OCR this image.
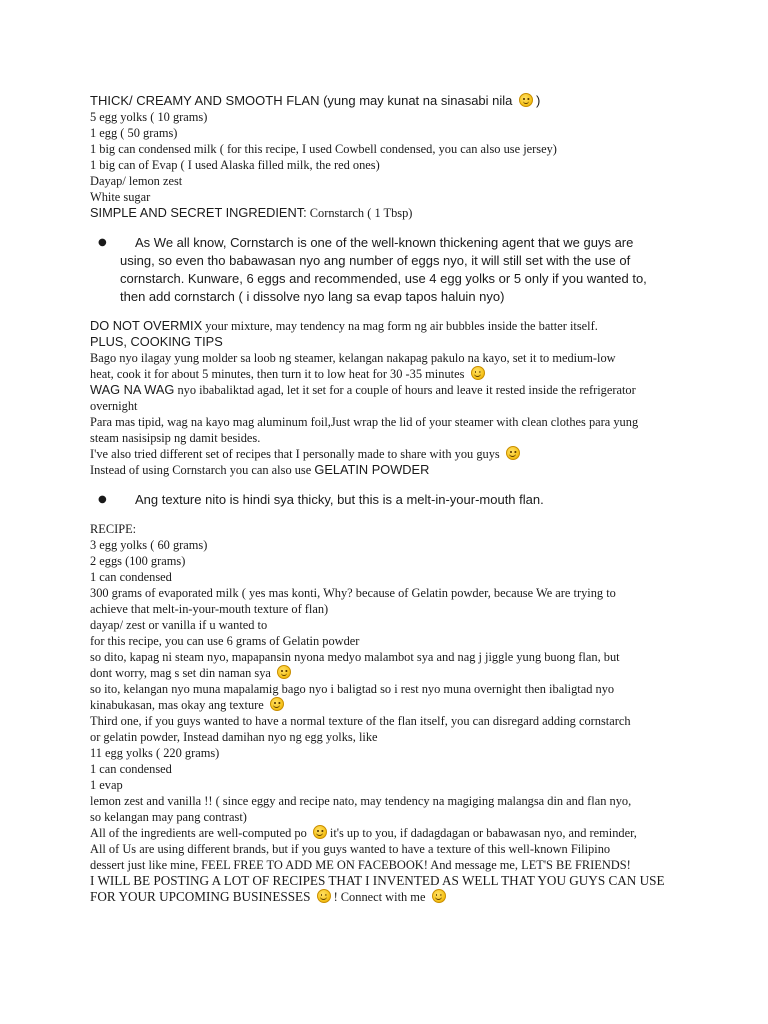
THICK/ CREAMY AND SMOOTH FLAN (yung may kunat na sinasabi nila )
5 egg yolks ( 10 grams)
1 egg ( 50 grams)
1 big can condensed milk ( for this recipe, I used Cowbell condensed, you can also use jersey)
1 big can of Evap ( I used Alaska filled milk, the red ones)
Dayap/ lemon zest
White sugar
SIMPLE AND SECRET INGREDIENT: Cornstarch ( 1 Tbsp)
●	As We all know, Cornstarch is one of the well-known thickening agent that we guys are
using, so even tho babawasan nyo ang number of eggs nyo, it will still set with the use of
cornstarch. Kunware, 6 eggs and recommended, use 4 egg yolks or 5 only if you wanted to,
then add cornstarch ( i dissolve nyo lang sa evap tapos haluin nyo)
DO NOT OVERMIX your mixture, may tendency na mag form ng air bubbles inside the batter itself.
PLUS, COOKING TIPS
Bago nyo ilagay yung molder sa loob ng steamer, kelangan nakapag pakulo na kayo, set it to medium-low
heat, cook it for about 5 minutes, then turn it to low heat for 30 -35 minutes
WAG NA WAG nyo ibabaliktad agad, let it set for a couple of hours and leave it rested inside the refrigerator
overnight
Para mas tipid, wag na kayo mag aluminum foil,Just wrap the lid of your steamer with clean clothes para yung
steam nasisipsip ng damit besides.
I've also tried different set of recipes that I personally made to share with you guys
Instead of using Cornstarch you can also use GELATIN POWDER
●	Ang texture nito is hindi sya thicky, but this is a melt-in-your-mouth flan.
RECIPE:
3 egg yolks ( 60 grams)
2 eggs (100 grams)
1 can condensed
300 grams of evaporated milk ( yes mas konti, Why? because of Gelatin powder, because We are trying to
achieve that melt-in-your-mouth texture of flan)
dayap/ zest or vanilla if u wanted to
for this recipe, you can use 6 grams of Gelatin powder
so dito, kapag ni steam nyo, mapapansin nyona medyo malambot sya and nag j jiggle yung buong flan, but
dont worry, mag s set din naman sya
so ito, kelangan nyo muna mapalamig bago nyo i baligtad so i rest nyo muna overnight then ibaligtad nyo
kinabukasan, mas okay ang texture
Third one, if you guys wanted to have a normal texture of the flan itself, you can disregard adding cornstarch
or gelatin powder, Instead damihan nyo ng egg yolks, like
11 egg yolks ( 220 grams)
1 can condensed
1 evap
lemon zest and vanilla !! ( since eggy and recipe nato, may tendency na magiging malangsa din and flan nyo,
so kelangan may pang contrast)
All of the ingredients are well-computed po it's up to you, if dadagdagan or babawasan nyo, and reminder,
All of Us are using different brands, but if you guys wanted to have a texture of this well-known Filipino
dessert just like mine, FEEL FREE TO ADD ME ON FACEBOOK! And message me, LET'S BE FRIENDS!
I WILL BE POSTING A LOT OF RECIPES THAT I INVENTED AS WELL THAT YOU GUYS CAN USE
FOR YOUR UPCOMING BUSINESSES ! Connect with me
